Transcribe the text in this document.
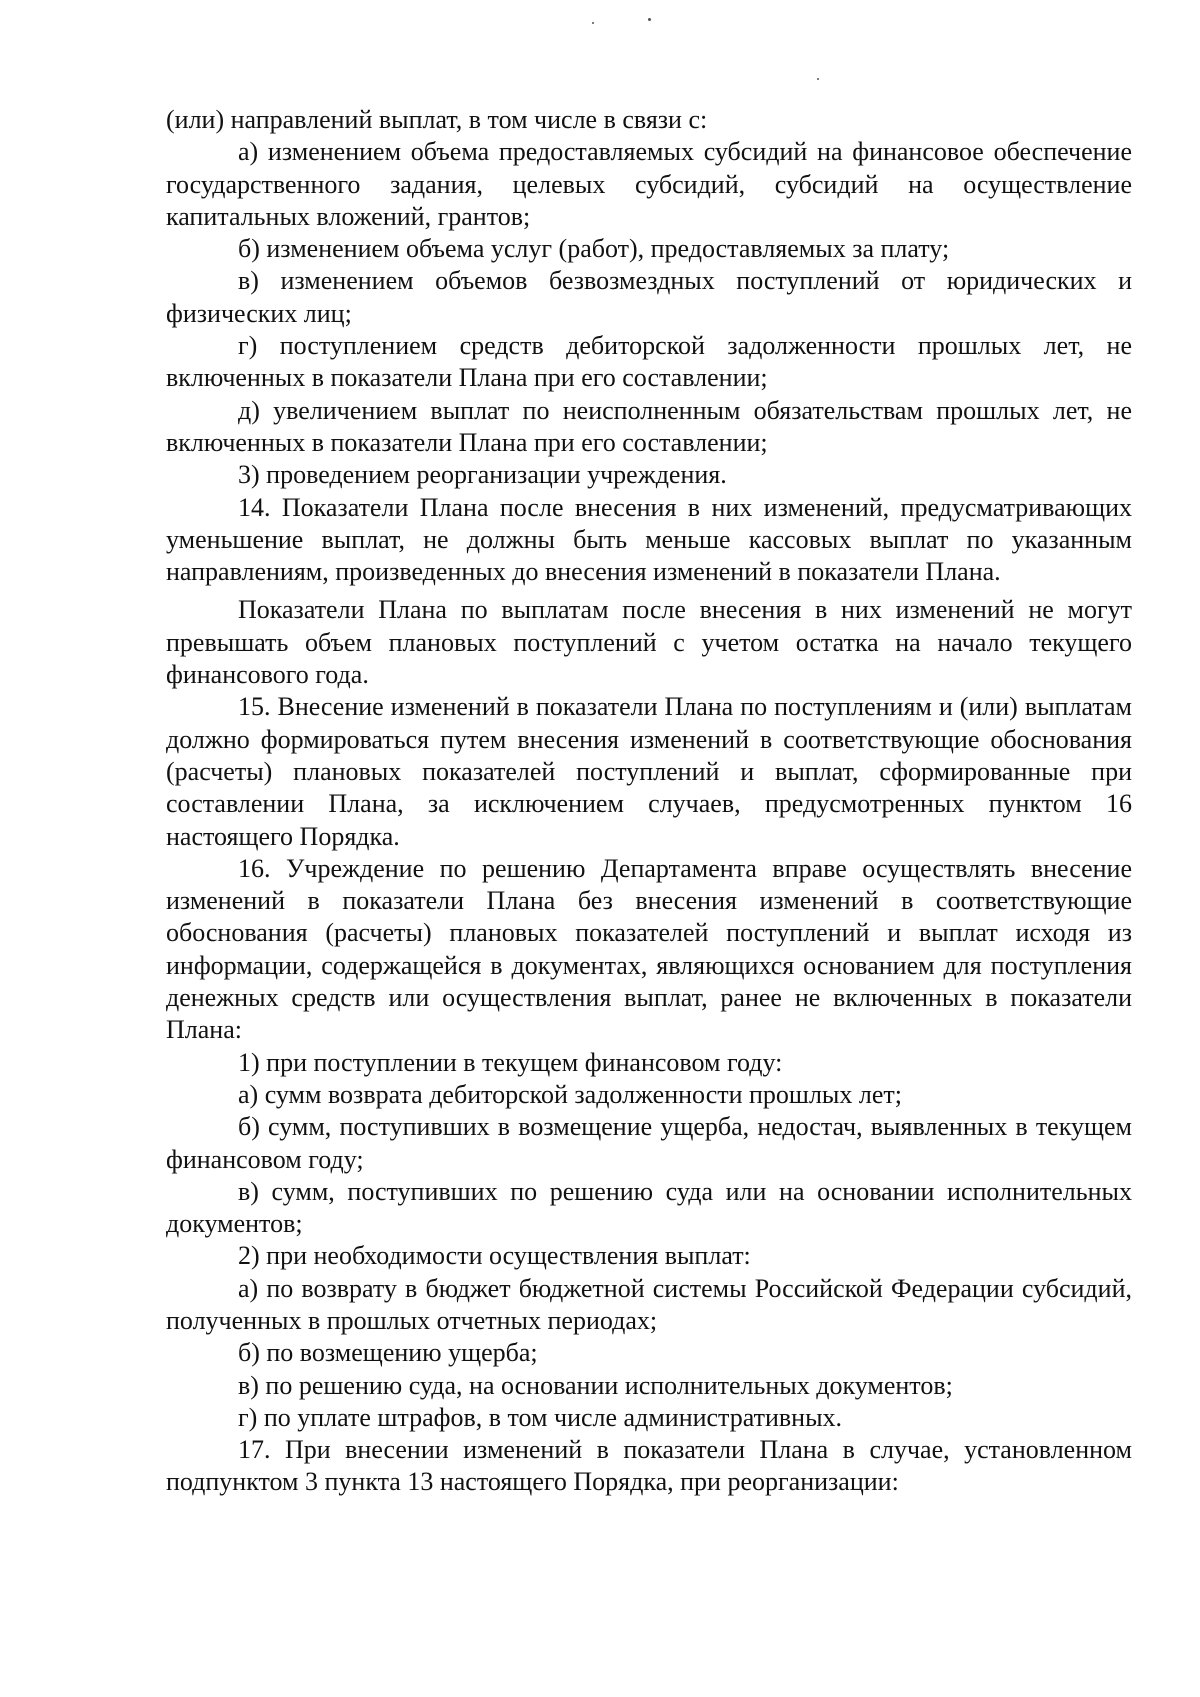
(или) направлений выплат, в том числе в связи с:

а) изменением объема предоставляемых субсидий на финансовое обеспечение государственного задания, целевых субсидий, субсидий на осуществление капитальных вложений, грантов;

б) изменением объема услуг (работ), предоставляемых за плату;

в) изменением объемов безвозмездных поступлений от юридических и физических лиц;

г) поступлением средств дебиторской задолженности прошлых лет, не включенных в показатели Плана при его составлении;

д) увеличением выплат по неисполненным обязательствам прошлых лет, не включенных в показатели Плана при его составлении;

3) проведением реорганизации учреждения.

14. Показатели Плана после внесения в них изменений, предусматривающих уменьшение выплат, не должны быть меньше кассовых выплат по указанным направлениям, произведенных до внесения изменений в показатели Плана.

Показатели Плана по выплатам после внесения в них изменений не могут превышать объем плановых поступлений с учетом остатка на начало текущего финансового года.

15. Внесение изменений в показатели Плана по поступлениям и (или) выплатам должно формироваться путем внесения изменений в соответствующие обоснования (расчеты) плановых показателей поступлений и выплат, сформированные при составлении Плана, за исключением случаев, предусмотренных пунктом 16 настоящего Порядка.

16. Учреждение по решению Департамента вправе осуществлять внесение изменений в показатели Плана без внесения изменений в соответствующие обоснования (расчеты) плановых показателей поступлений и выплат исходя из информации, содержащейся в документах, являющихся основанием для поступления денежных средств или осуществления выплат, ранее не включенных в показатели Плана:

1) при поступлении в текущем финансовом году:

а) сумм возврата дебиторской задолженности прошлых лет;

б) сумм, поступивших в возмещение ущерба, недостач, выявленных в текущем финансовом году;

в) сумм, поступивших по решению суда или на основании исполнительных документов;

2) при необходимости осуществления выплат:

а) по возврату в бюджет бюджетной системы Российской Федерации субсидий, полученных в прошлых отчетных периодах;

б) по возмещению ущерба;

в) по решению суда, на основании исполнительных документов;

г) по уплате штрафов, в том числе административных.

17. При внесении изменений в показатели Плана в случае, установленном подпунктом 3 пункта 13 настоящего Порядка, при реорганизации:
